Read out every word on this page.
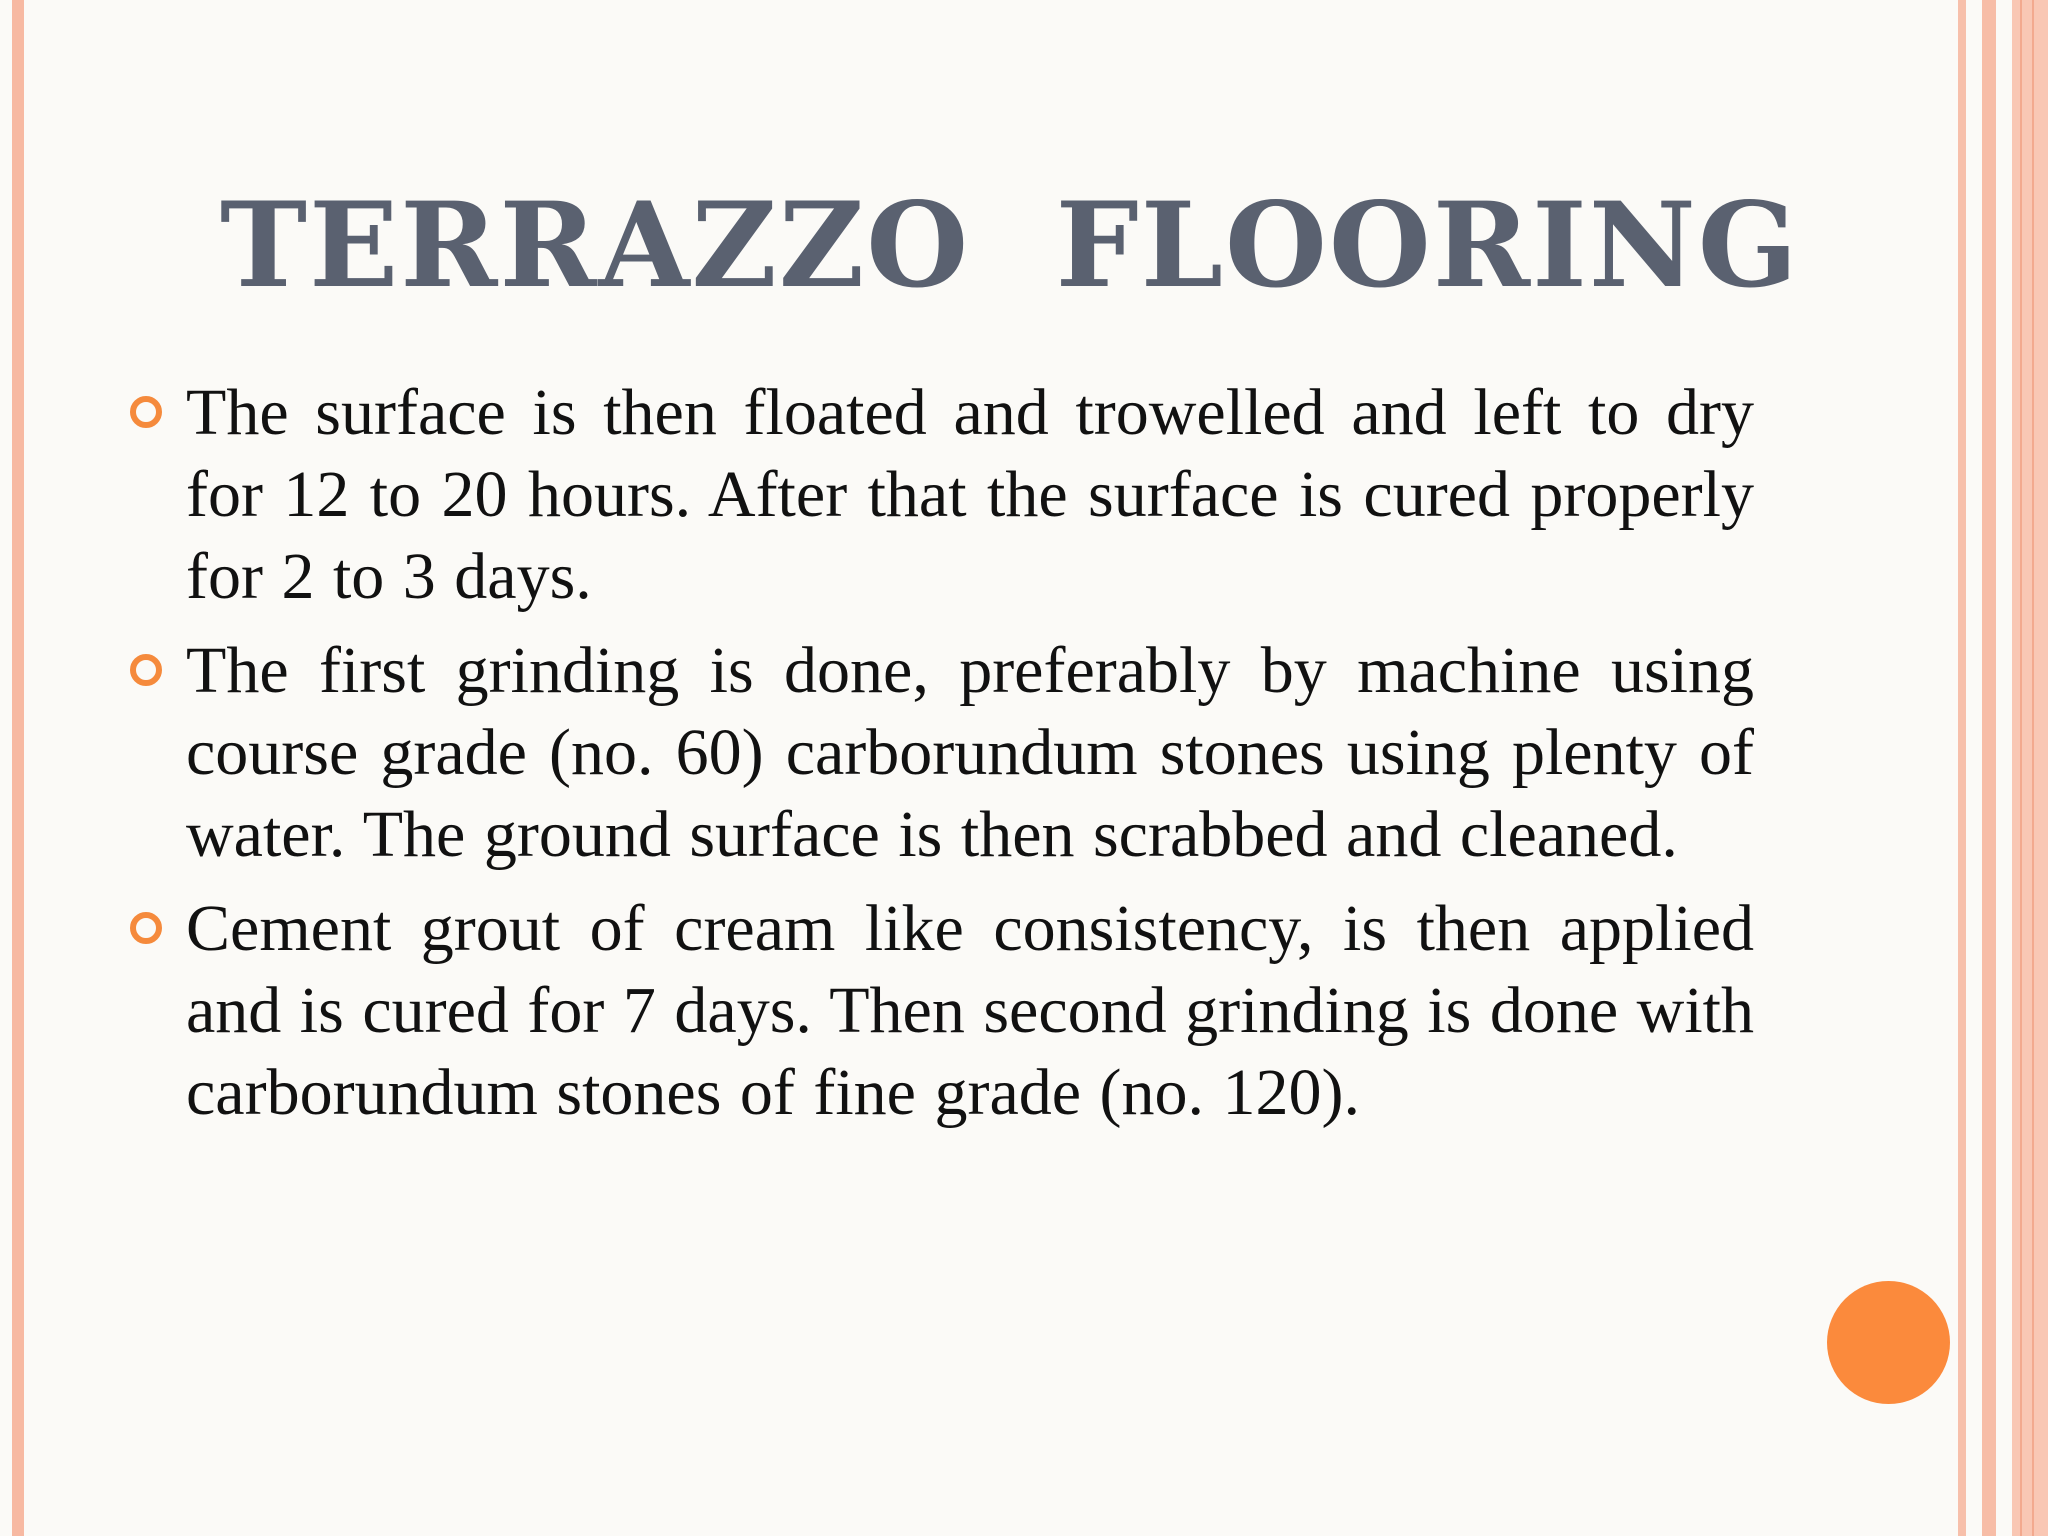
TERRAZZO  FLOORING
The surface is then floated and trowelled and left to dry for 12 to 20 hours. After that the surface is cured properly for 2 to 3 days.
The first grinding is done, preferably by machine using course grade (no. 60) carborundum stones using plenty of water. The ground surface is then scrabbed and cleaned.
Cement grout of cream like consistency, is then applied and is cured for 7 days. Then second grinding is done with carborundum stones of fine grade (no. 120).
